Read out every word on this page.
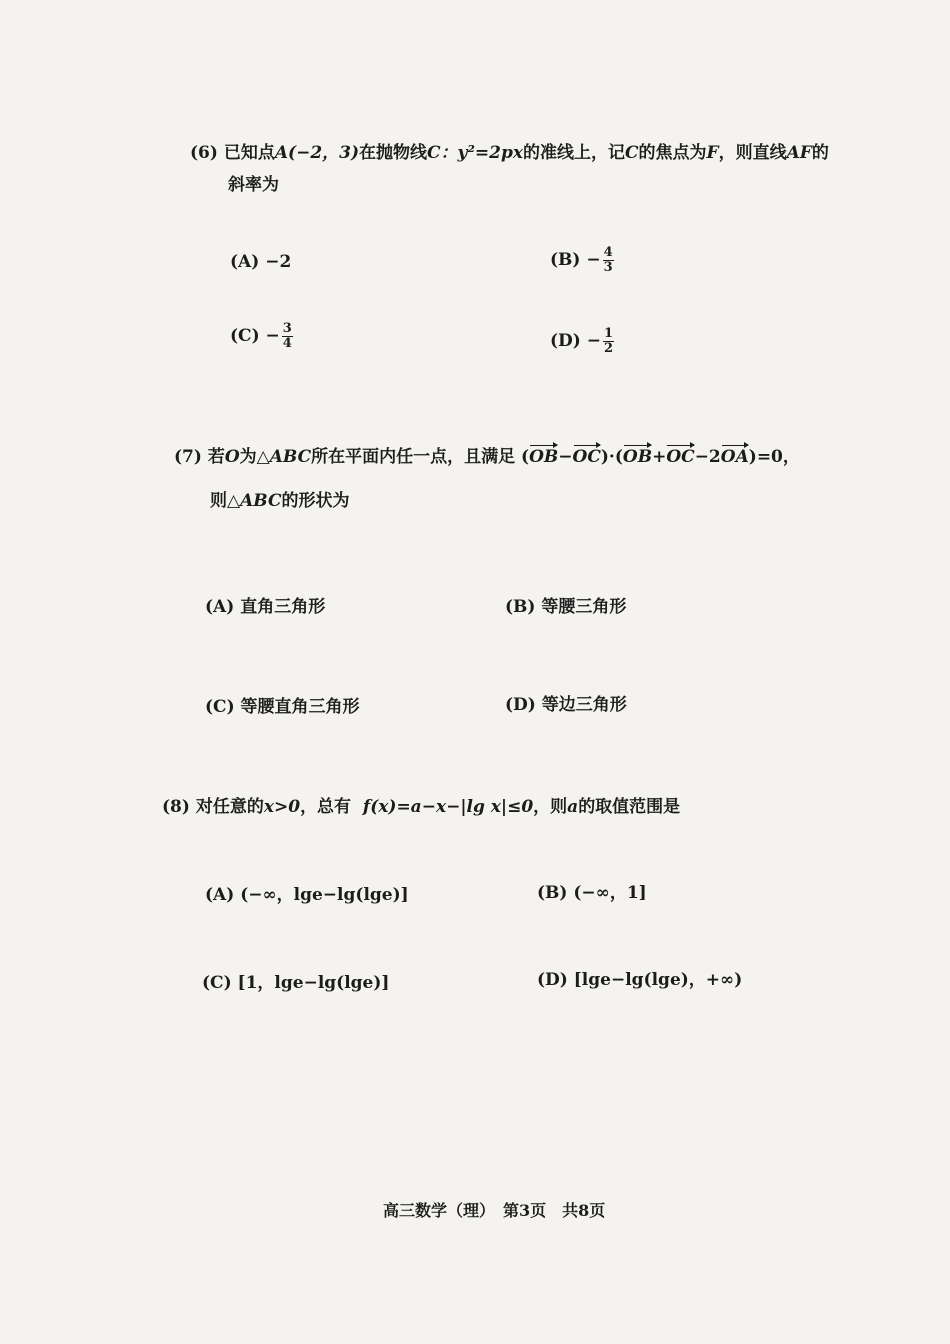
(6) 已知点A(−2，3)在抛物线C：y²=2px的准线上，记C的焦点为F，则直线AF的
斜率为
(A) −2	$(B) - \frac{4}{3}$
$(C) - \frac{3}{4}$	$(D) - \frac{1}{2}$
(7) 若O为△ABC所在平面内任一点，且满足 (OB−OC)·(OB+OC−2OA)=0，
则△ABC的形状为
(A) 直角三角形	(B) 等腰三角形
(C) 等腰直角三角形	(D) 等边三角形
(8) 对任意的x>0，总有 f(x)=a−x−|lg x|≤0，则a的取值范围是
(A) (−∞，lge−lg(lge)]	(B) (−∞，1]
(C) [1，lge−lg(lge)]	(D) [lge−lg(lge)，+∞)
高三数学（理）　第3页　共8页
